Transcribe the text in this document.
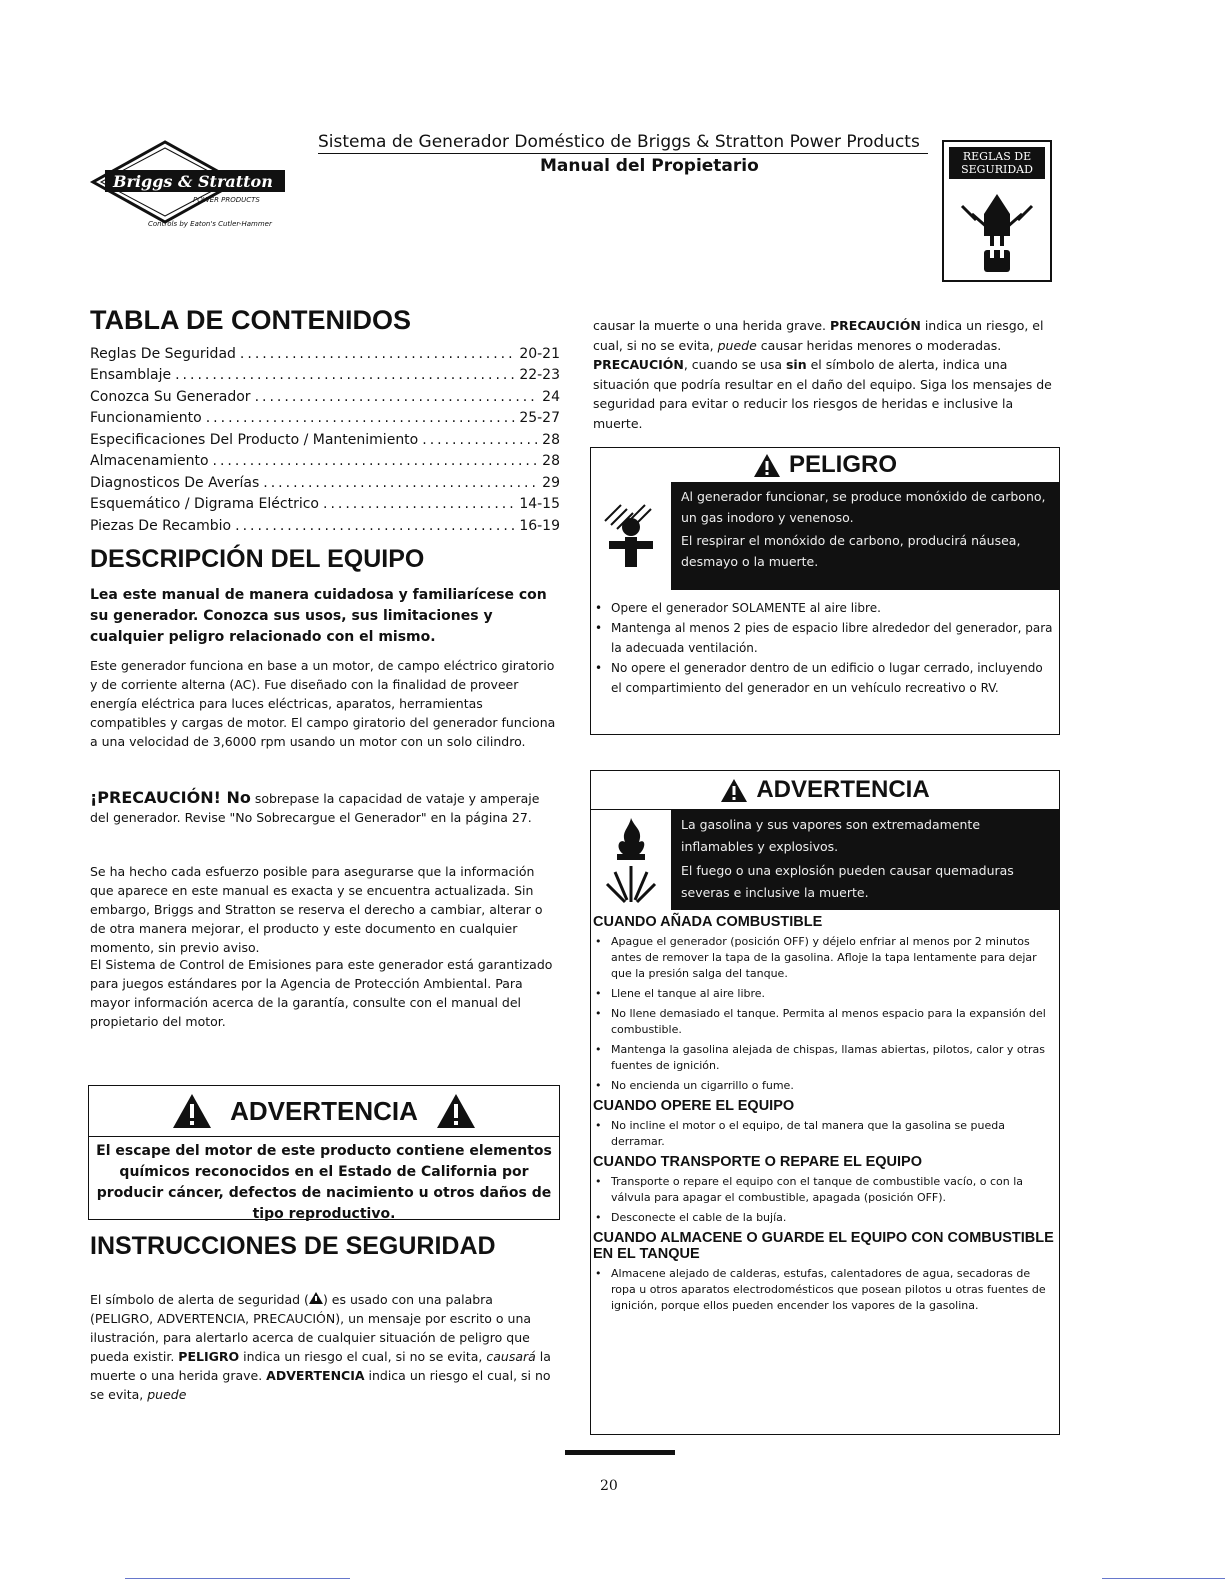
Briggs & Stratton
POWER PRODUCTS
Controls by Eaton's Cutler-Hammer
Sistema de Generador Doméstico de Briggs & Stratton Power Products
Manual del Propietario	REGLAS DE SEGURIDAD
TABLA DE CONTENIDOS
Reglas De Seguridad .....	20-21
Ensamblaje .....	22-23
Conozca Su Generador .....	24
Funcionamiento .....	25-27
Especificaciones Del Producto / Mantenimiento .....	28
Almacenamiento .....	28
Diagnosticos De Averías .....	29
Esquemático / Digrama Eléctrico .....	14-15
Piezas De Recambio .....	16-19
DESCRIPCIÓN DEL EQUIPO

Lea este manual de manera cuidadosa y familiarícese con su generador. Conozca sus usos, sus limitaciones y cualquier peligro relacionado con el mismo.

Este generador funciona en base a un motor, de campo eléctrico giratorio y de corriente alterna (AC). Fue diseñado con la finalidad de proveer energía eléctrica para luces eléctricas, aparatos, herramientas compatibles y cargas de motor. El campo giratorio del generador funciona a una velocidad de 3,6000 rpm usando un motor con un solo cilindro.

¡PRECAUCIÓN! No sobrepase la capacidad de vataje y amperaje del generador. Revise "No Sobrecargue el Generador" en la página 27.

Se ha hecho cada esfuerzo posible para asegurarse que la información que aparece en este manual es exacta y se encuentra actualizada. Sin embargo, Briggs and Stratton se reserva el derecho a cambiar, alterar o de otra manera mejorar, el producto y este documento en cualquier momento, sin previo aviso.

El Sistema de Control de Emisiones para este generador está garantizado para juegos estándares por la Agencia de Protección Ambiental. Para mayor información acerca de la garantía, consulte con el manual del propietario del motor.

ADVERTENCIA
El escape del motor de este producto contiene elementos químicos reconocidos en el Estado de California por producir cáncer, defectos de nacimiento u otros daños de tipo reproductivo.
INSTRUCCIONES DE SEGURIDAD

El símbolo de alerta de seguridad ( ) es usado con una palabra (PELIGRO, ADVERTENCIA, PRECAUCIÓN), un mensaje por escrito o una ilustración, para alertarlo acerca de cualquier situación de peligro que pueda existir. PELIGRO indica un riesgo el cual, si no se evita, causará la muerte o una herida grave. ADVERTENCIA indica un riesgo el cual, si no se evita, puede

causar la muerte o una herida grave. PRECAUCIÓN indica un riesgo, el cual, si no se evita, puede causar heridas menores o moderadas. PRECAUCIÓN, cuando se usa sin el símbolo de alerta, indica una situación que podría resultar en el daño del equipo. Siga los mensajes de seguridad para evitar o reducir los riesgos de heridas e inclusive la muerte.

PELIGRO
Al generador funcionar, se produce monóxido de carbono, un gas inodoro y venenoso.
El respirar el monóxido de carbono, producirá náusea, desmayo o la muerte.
• Opere el generador SOLAMENTE al aire libre.
• Mantenga al menos 2 pies de espacio libre alrededor del generador, para la adecuada ventilación.
• No opere el generador dentro de un edificio o lugar cerrado, incluyendo el compartimiento del generador en un vehículo recreativo o RV.
ADVERTENCIA
La gasolina y sus vapores son extremadamente inflamables y explosivos.
El fuego o una explosión pueden causar quemaduras severas e inclusive la muerte.
CUANDO AÑADA COMBUSTIBLE
• Apague el generador (posición OFF) y déjelo enfriar al menos por 2 minutos antes de remover la tapa de la gasolina. Afloje la tapa lentamente para dejar que la presión salga del tanque.
• Llene el tanque al aire libre.
• No llene demasiado el tanque. Permita al menos espacio para la expansión del combustible.
• Mantenga la gasolina alejada de chispas, llamas abiertas, pilotos, calor y otras fuentes de ignición.
• No encienda un cigarrillo o fume.
CUANDO OPERE EL EQUIPO
• No incline el motor o el equipo, de tal manera que la gasolina se pueda derramar.
CUANDO TRANSPORTE O REPARE EL EQUIPO
• Transporte o repare el equipo con el tanque de combustible vacío, o con la válvula para apagar el combustible, apagada (posición OFF).
• Desconecte el cable de la bujía.
CUANDO ALMACENE O GUARDE EL EQUIPO CON COMBUSTIBLE EN EL TANQUE
• Almacene alejado de calderas, estufas, calentadores de agua, secadoras de ropa u otros aparatos electrodomésticos que posean pilotos u otras fuentes de ignición, porque ellos pueden encender los vapores de la gasolina.
20
